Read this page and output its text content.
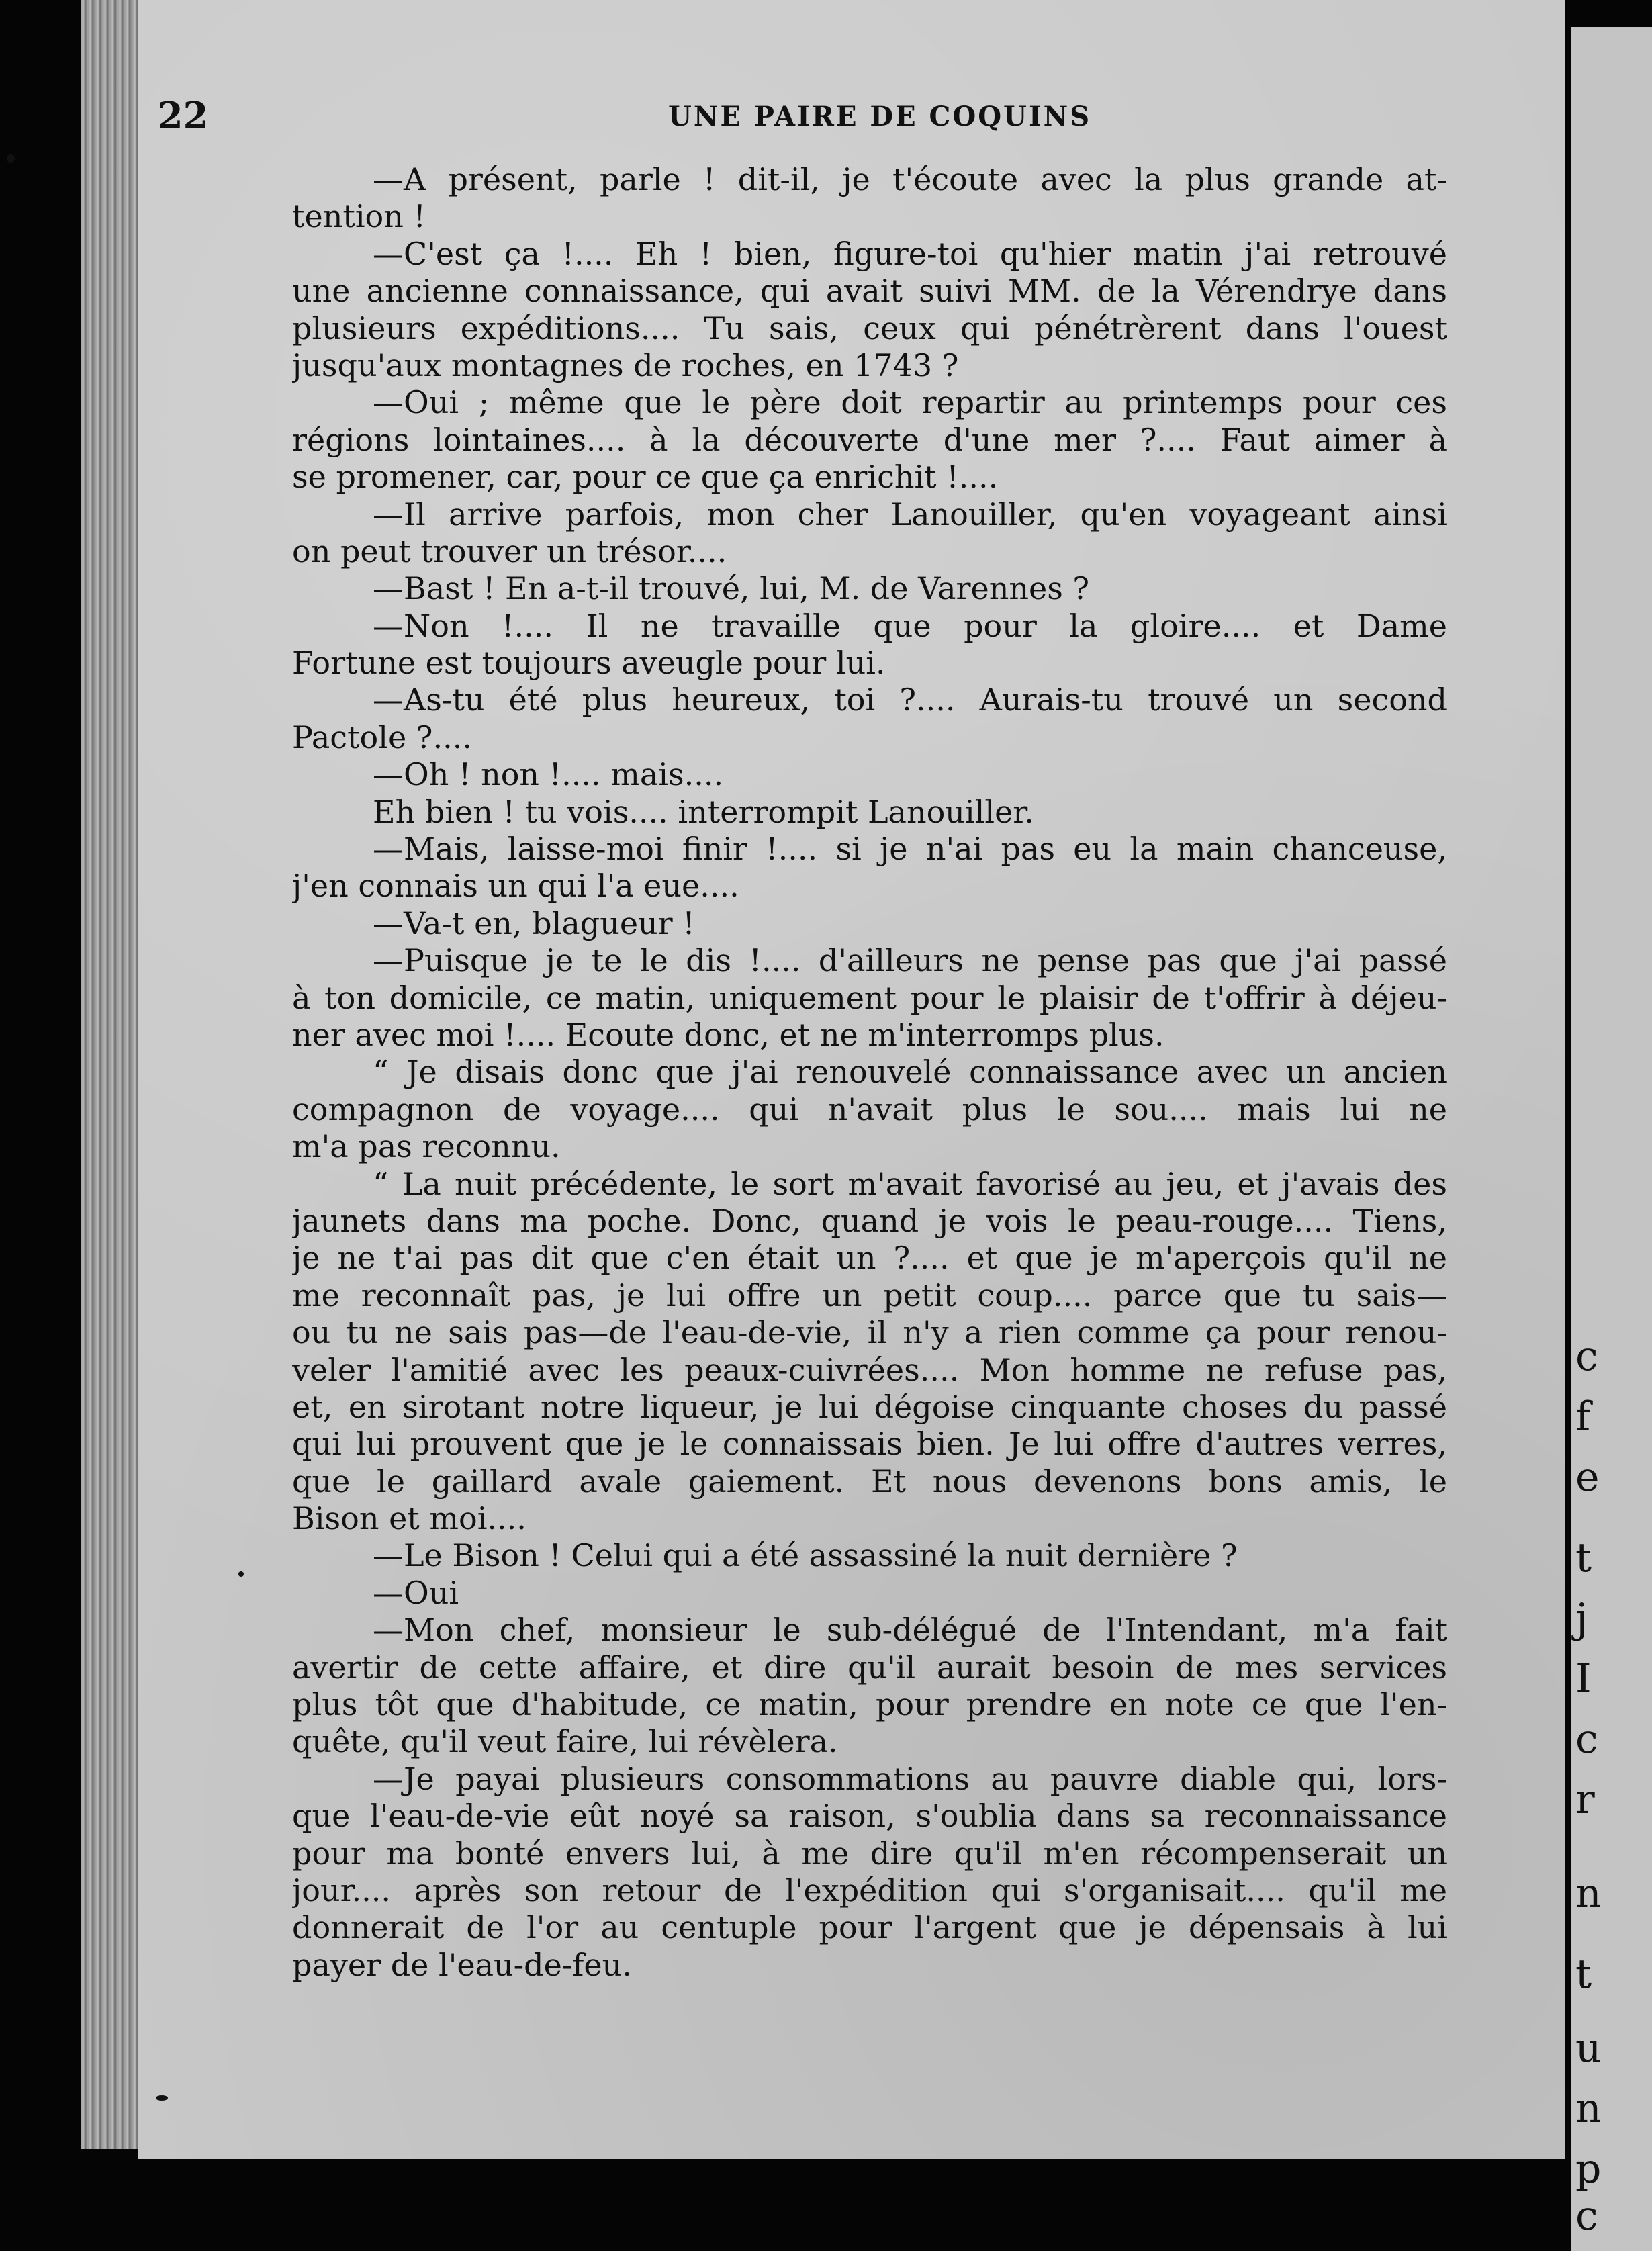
c
f
e
t
j
I
c
r
n
t
u
n
p
c
22	UNE PAIRE DE COQUINS
—A présent, parle ! dit-il, je t'écoute avec la plus grande at-
tention !
—C'est ça !.... Eh ! bien, figure-toi qu'hier matin j'ai retrouvé
une ancienne connaissance, qui avait suivi MM. de la Vérendrye dans
plusieurs expéditions.... Tu sais, ceux qui pénétrèrent dans l'ouest
jusqu'aux montagnes de roches, en 1743 ?
—Oui ; même que le père doit repartir au printemps pour ces
régions lointaines.... à la découverte d'une mer ?.... Faut aimer à
se promener, car, pour ce que ça enrichit !....
—Il arrive parfois, mon cher Lanouiller, qu'en voyageant ainsi
on peut trouver un trésor....
—Bast ! En a-t-il trouvé, lui, M. de Varennes ?
—Non !.... Il ne travaille que pour la gloire.... et Dame
Fortune est toujours aveugle pour lui.
—As-tu été plus heureux, toi ?.... Aurais-tu trouvé un second
Pactole ?....
—Oh ! non !.... mais....
Eh bien ! tu vois.... interrompit Lanouiller.
—Mais, laisse-moi finir !.... si je n'ai pas eu la main chanceuse,
j'en connais un qui l'a eue....
—Va-t en, blagueur !
—Puisque je te le dis !.... d'ailleurs ne pense pas que j'ai passé
à ton domicile, ce matin, uniquement pour le plaisir de t'offrir à déjeu-
ner avec moi !.... Ecoute donc, et ne m'interromps plus.
“ Je disais donc que j'ai renouvelé connaissance avec un ancien
compagnon de voyage.... qui n'avait plus le sou.... mais lui ne
m'a pas reconnu.
“ La nuit précédente, le sort m'avait favorisé au jeu, et j'avais des
jaunets dans ma poche. Donc, quand je vois le peau-rouge.... Tiens,
je ne t'ai pas dit que c'en était un ?.... et que je m'aperçois qu'il ne
me reconnaît pas, je lui offre un petit coup.... parce que tu sais—
ou tu ne sais pas—de l'eau-de-vie, il n'y a rien comme ça pour renou-
veler l'amitié avec les peaux-cuivrées.... Mon homme ne refuse pas,
et, en sirotant notre liqueur, je lui dégoise cinquante choses du passé
qui lui prouvent que je le connaissais bien. Je lui offre d'autres verres,
que le gaillard avale gaiement. Et nous devenons bons amis, le
Bison et moi....
—Le Bison ! Celui qui a été assassiné la nuit dernière ?
—Oui
—Mon chef, monsieur le sub-délégué de l'Intendant, m'a fait
avertir de cette affaire, et dire qu'il aurait besoin de mes services
plus tôt que d'habitude, ce matin, pour prendre en note ce que l'en-
quête, qu'il veut faire, lui révèlera.
—Je payai plusieurs consommations au pauvre diable qui, lors-
que l'eau-de-vie eût noyé sa raison, s'oublia dans sa reconnaissance
pour ma bonté envers lui, à me dire qu'il m'en récompenserait un
jour.... après son retour de l'expédition qui s'organisait.... qu'il me
donnerait de l'or au centuple pour l'argent que je dépensais à lui
payer de l'eau-de-feu.
